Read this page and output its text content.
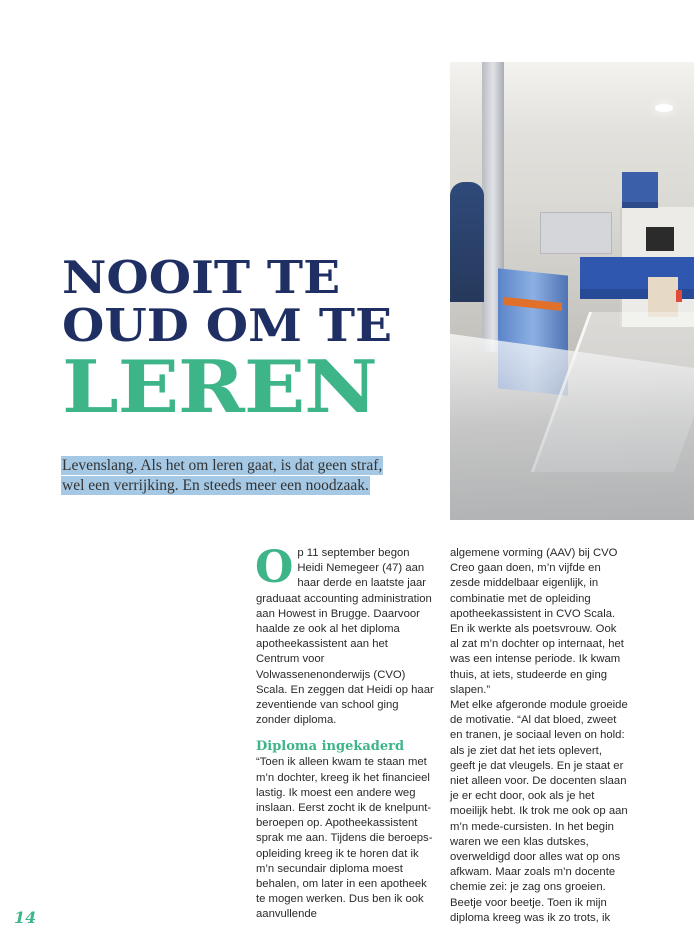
NOOIT TE
OUD OM TE
LEREN
Levenslang. Als het om leren gaat, is dat geen straf, wel een verrijking. En steeds meer een noodzaak.

Op 11 september begon Heidi Nemegeer (47) aan haar derde en laatste jaar graduaat accounting administration aan Howest in Brugge. Daarvoor haalde ze ook al het diploma apotheekassistent aan het Centrum voor Volwassenenonderwijs (CVO) Scala. En zeggen dat Heidi op haar zeventiende van school ging zonder diploma.

Diploma ingekaderd

“Toen ik alleen kwam te staan met m’n dochter, kreeg ik het financieel lastig. Ik moest een andere weg inslaan. Eerst zocht ik de knelpunt-beroepen op. Apotheekassistent sprak me aan. Tijdens die beroeps-opleiding kreeg ik te horen dat ik m’n secundair diploma moest behalen, om later in een apotheek te mogen werken. Dus ben ik ook aanvullende

algemene vorming (AAV) bij CVO Creo gaan doen, m’n vijfde en zesde middelbaar eigenlijk, in combinatie met de opleiding apotheekassistent in CVO Scala. En ik werkte als poetsvrouw. Ook al zat m’n dochter op internaat, het was een intense periode. Ik kwam thuis, at iets, studeerde en ging slapen.”

Met elke afgeronde module groeide de motivatie. “Al dat bloed, zweet en tranen, je sociaal leven on hold: als je ziet dat het iets oplevert, geeft je dat vleugels. En je staat er niet alleen voor. De docenten slaan je er echt door, ook als je het moeilijk hebt. Ik trok me ook op aan m’n mede-cursisten. In het begin waren we een klas dutskes, overweldigd door alles wat op ons afkwam. Maar zoals m’n docente chemie zei: je zag ons groeien. Beetje voor beetje. Toen ik mijn diploma kreeg was ik zo trots, ik

14
